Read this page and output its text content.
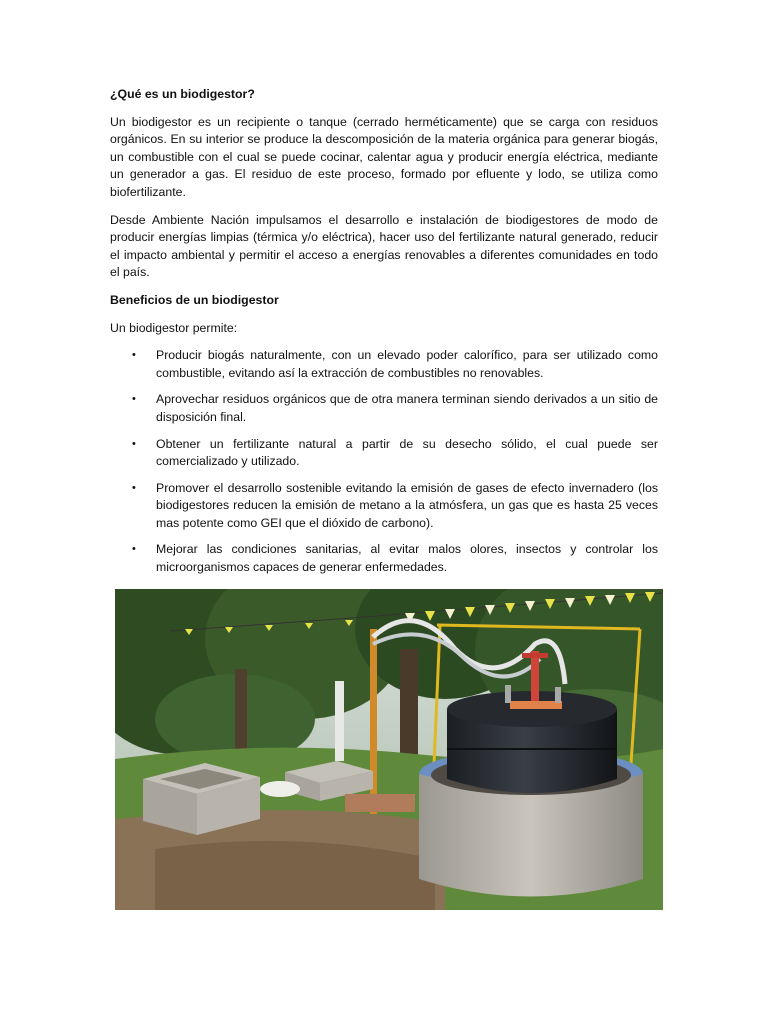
¿Qué es un biodigestor?

Un biodigestor es un recipiente o tanque (cerrado herméticamente) que se carga con residuos orgánicos. En su interior se produce la descomposición de la materia orgánica para generar biogás, un combustible con el cual se puede cocinar, calentar agua y producir energía eléctrica, mediante un generador a gas. El residuo de este proceso, formado por efluente y lodo, se utiliza como biofertilizante.

Desde Ambiente Nación impulsamos el desarrollo e instalación de biodigestores de modo de producir energías limpias (térmica y/o eléctrica), hacer uso del fertilizante natural generado, reducir el impacto ambiental y permitir el acceso a energías renovables a diferentes comunidades en todo el país.

Beneficios de un biodigestor

Un biodigestor permite:

• Producir biogás naturalmente, con un elevado poder calorífico, para ser utilizado como combustible, evitando así la extracción de combustibles no renovables.
• Aprovechar residuos orgánicos que de otra manera terminan siendo derivados a un sitio de disposición final.
• Obtener un fertilizante natural a partir de su desecho sólido, el cual puede ser comercializado y utilizado.
• Promover el desarrollo sostenible evitando la emisión de gases de efecto invernadero (los biodigestores reducen la emisión de metano a la atmósfera, un gas que es hasta 25 veces mas potente como GEI que el dióxido de carbono).
• Mejorar las condiciones sanitarias, al evitar malos olores, insectos y controlar los microorganismos capaces de generar enfermedades.
